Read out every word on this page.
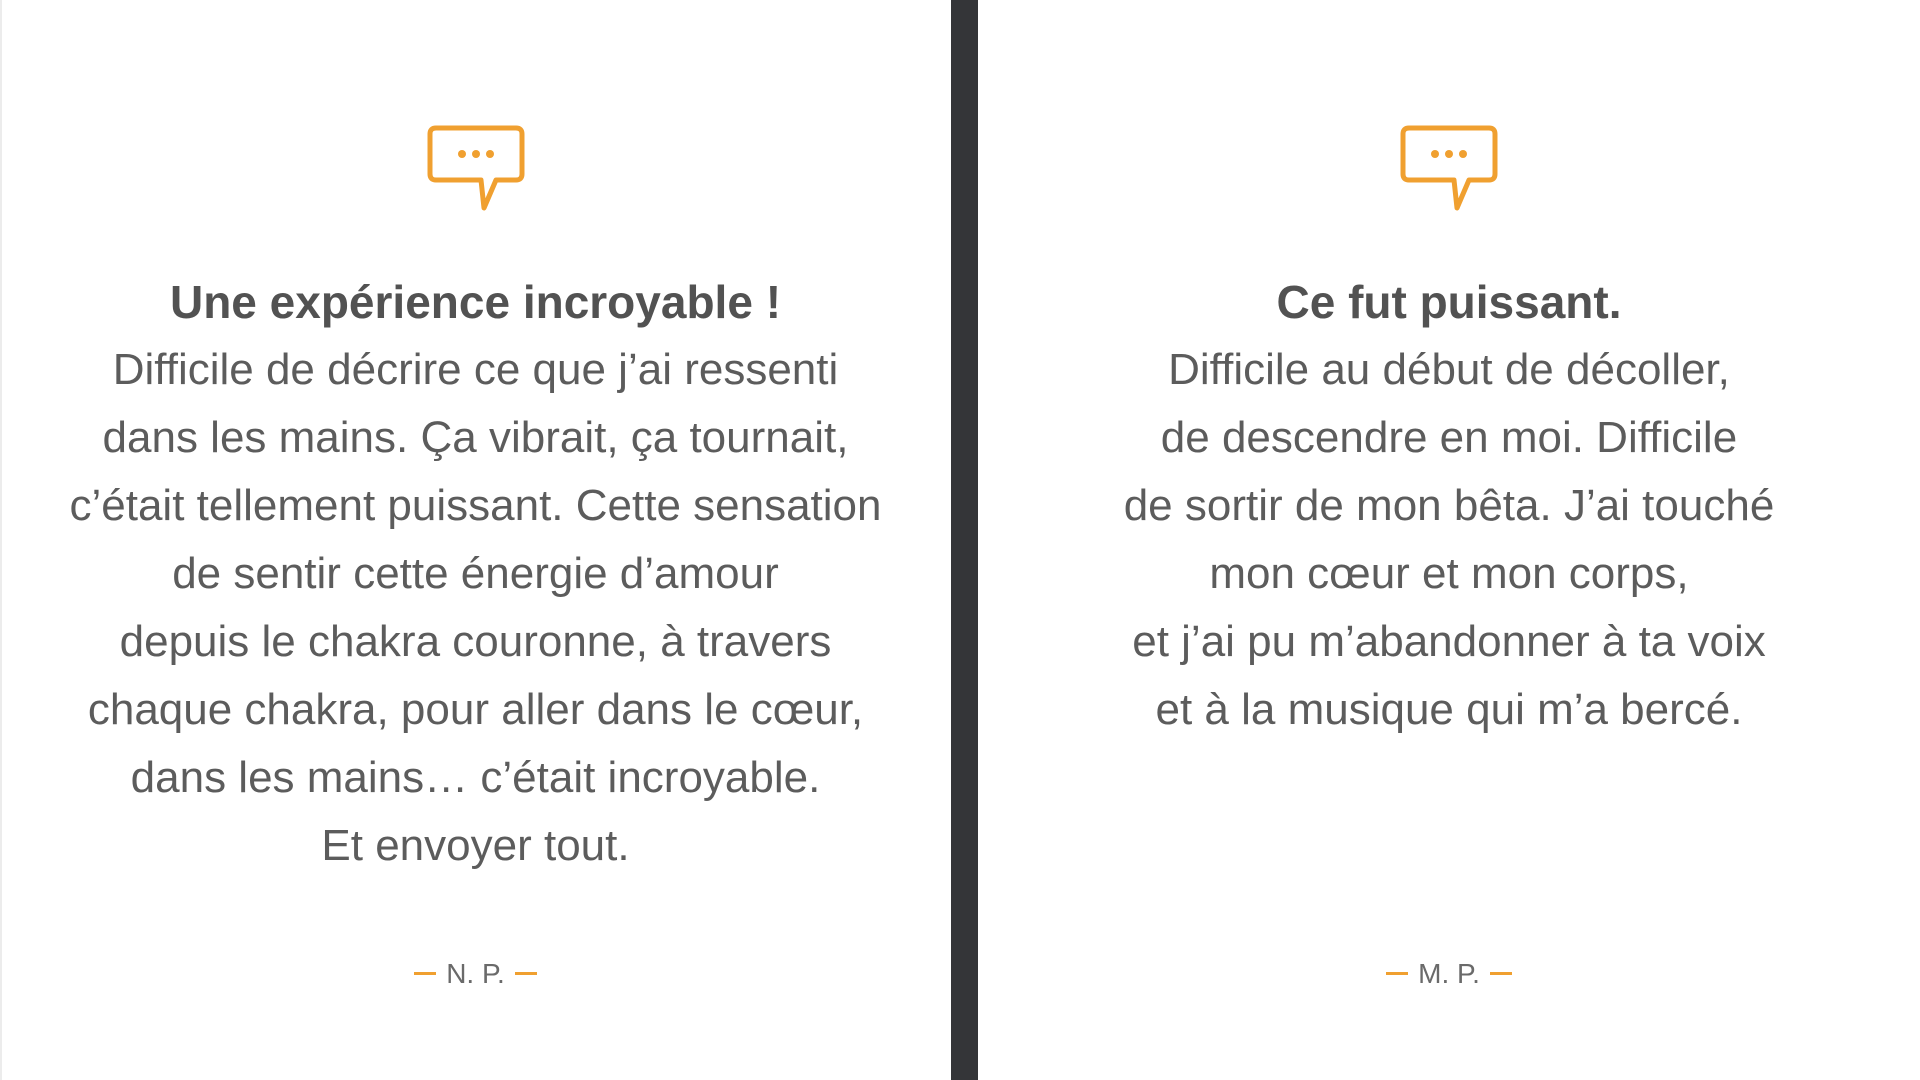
Une expérience incroyable !
Difficile de décrire ce que j’ai ressenti
dans les mains. Ça vibrait, ça tournait,
c’était tellement puissant. Cette sensation
de sentir cette énergie d’amour
depuis le chakra couronne, à travers
chaque chakra, pour aller dans le cœur,
dans les mains… c’était incroyable.
Et envoyer tout.
N. P.
Ce fut puissant.
Difficile au début de décoller,
de descendre en moi. Difficile
de sortir de mon bêta. J’ai touché
mon cœur et mon corps,
et j’ai pu m’abandonner à ta voix
et à la musique qui m’a bercé.
M. P.
